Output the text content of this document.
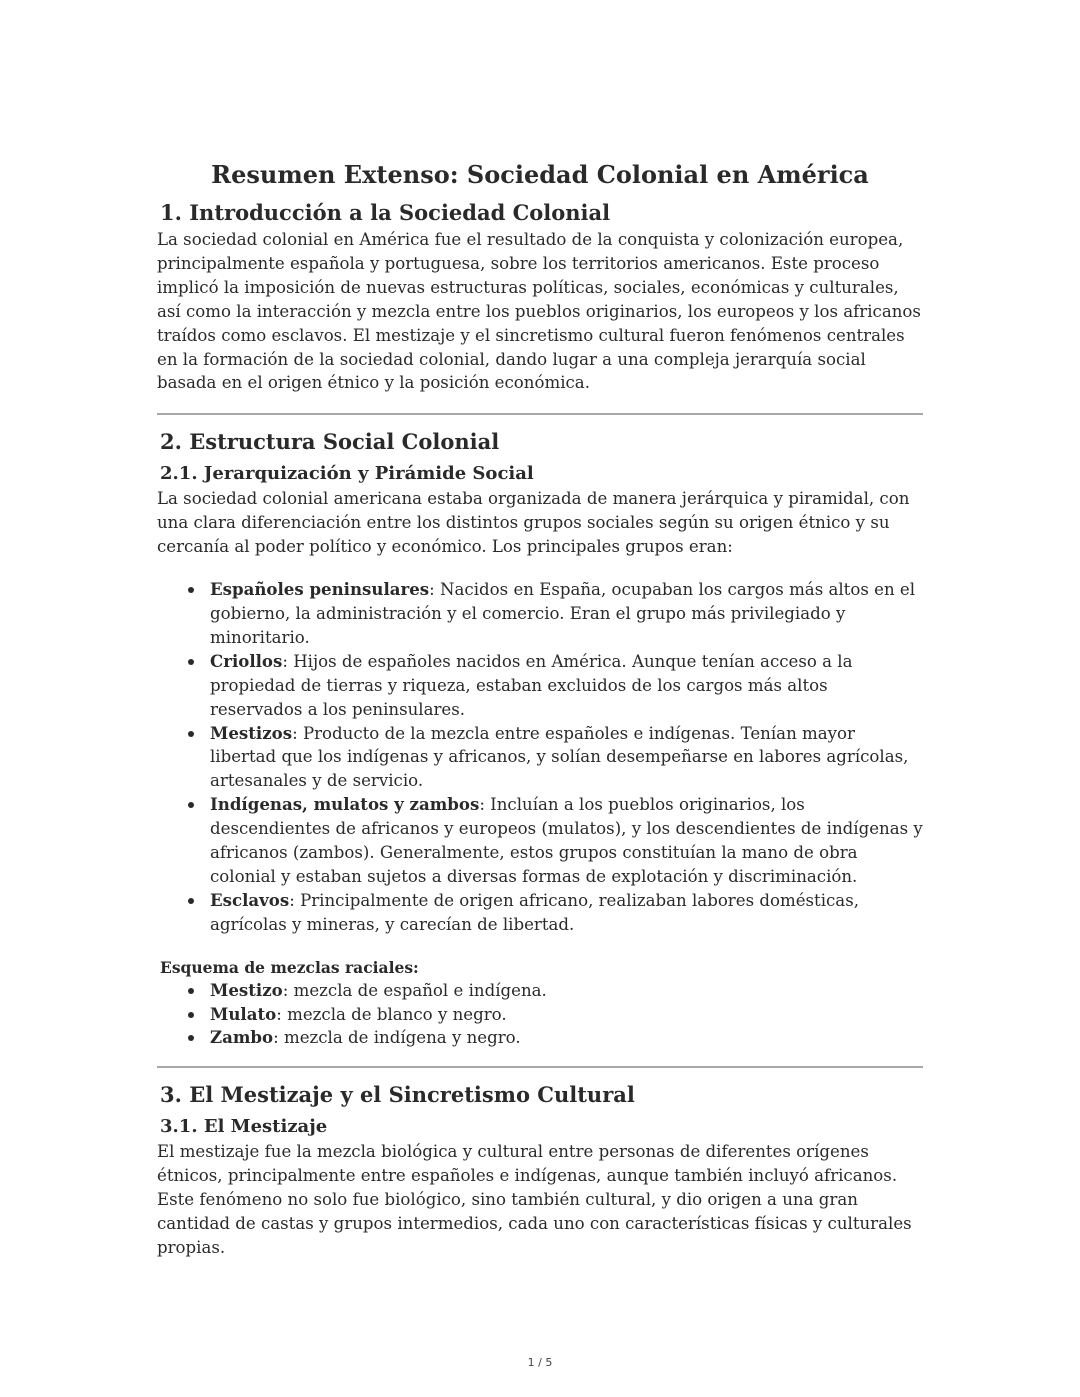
Resumen Extenso: Sociedad Colonial en América
1. Introducción a la Sociedad Colonial

La sociedad colonial en América fue el resultado de la conquista y colonización europea, principalmente española y portuguesa, sobre los territorios americanos. Este proceso implicó la imposición de nuevas estructuras políticas, sociales, económicas y culturales, así como la interacción y mezcla entre los pueblos originarios, los europeos y los africanos traídos como esclavos. El mestizaje y el sincretismo cultural fueron fenómenos centrales en la formación de la sociedad colonial, dando lugar a una compleja jerarquía social basada en el origen étnico y la posición económica.

2. Estructura Social Colonial
2.1. Jerarquización y Pirámide Social

La sociedad colonial americana estaba organizada de manera jerárquica y piramidal, con una clara diferenciación entre los distintos grupos sociales según su origen étnico y su cercanía al poder político y económico. Los principales grupos eran:

Españoles peninsulares: Nacidos en España, ocupaban los cargos más altos en el gobierno, la administración y el comercio. Eran el grupo más privilegiado y minoritario.
Criollos: Hijos de españoles nacidos en América. Aunque tenían acceso a la propiedad de tierras y riqueza, estaban excluidos de los cargos más altos reservados a los peninsulares.
Mestizos: Producto de la mezcla entre españoles e indígenas. Tenían mayor libertad que los indígenas y africanos, y solían desempeñarse en labores agrícolas, artesanales y de servicio.
Indígenas, mulatos y zambos: Incluían a los pueblos originarios, los descendientes de africanos y europeos (mulatos), y los descendientes de indígenas y africanos (zambos). Generalmente, estos grupos constituían la mano de obra colonial y estaban sujetos a diversas formas de explotación y discriminación.
Esclavos: Principalmente de origen africano, realizaban labores domésticas, agrícolas y mineras, y carecían de libertad.
Esquema de mezclas raciales:
Mestizo: mezcla de español e indígena.
Mulato: mezcla de blanco y negro.
Zambo: mezcla de indígena y negro.
3. El Mestizaje y el Sincretismo Cultural
3.1. El Mestizaje

El mestizaje fue la mezcla biológica y cultural entre personas de diferentes orígenes étnicos, principalmente entre españoles e indígenas, aunque también incluyó africanos. Este fenómeno no solo fue biológico, sino también cultural, y dio origen a una gran cantidad de castas y grupos intermedios, cada uno con características físicas y culturales propias.

1 / 5
